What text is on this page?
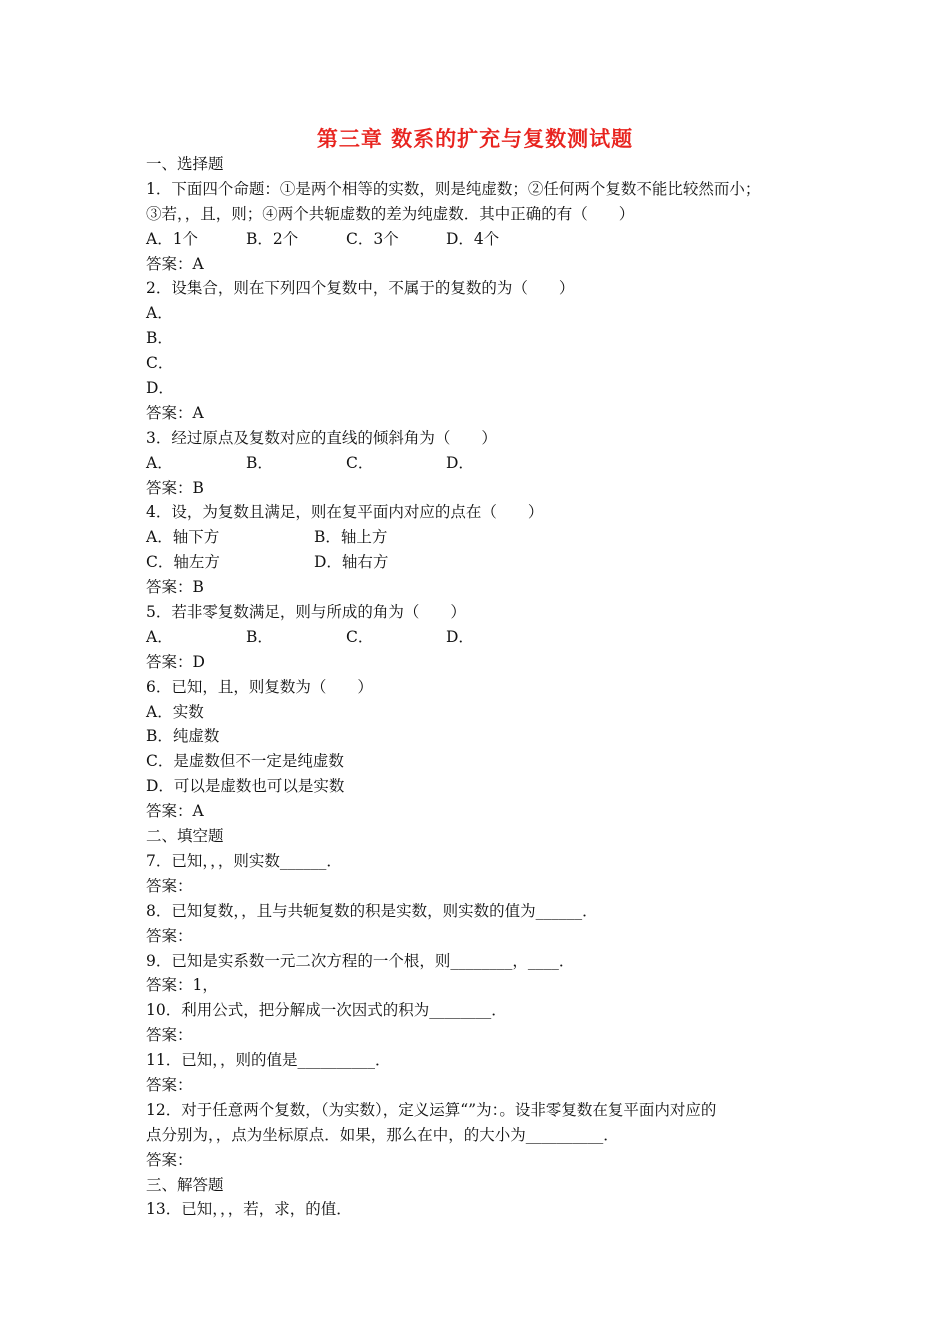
第三章 数系的扩充与复数测试题
一、选择题
1．下面四个命题：①是两个相等的实数，则是纯虚数；②任何两个复数不能比较然而小；
③若，，且，则；④两个共轭虚数的差为纯虚数．其中正确的有（　　）
A．1个	B．2个	C．3个	D．4个
答案：A
2．设集合，则在下列四个复数中，不属于的复数的为（　　）
A．
B．
C．
D．
答案：A
3．经过原点及复数对应的直线的倾斜角为（　　）
A．	B．	C．	D．
答案：B
4．设，为复数且满足，则在复平面内对应的点在（　　）
A．轴下方	B．轴上方
C．轴左方	D．轴右方
答案：B
5．若非零复数满足，则与所成的角为（　　）
A．	B．	C．	D．
答案：D
6．已知，且，则复数为（　　）
A．实数
B．纯虚数
C．是虚数但不一定是纯虚数
D．可以是虚数也可以是实数
答案：A
二、填空题
7．已知，，，则实数______．
答案：
8．已知复数，，且与共轭复数的积是实数，则实数的值为______．
答案：
9．已知是实系数一元二次方程的一个根，则________，____．
答案：1，
10．利用公式，把分解成一次因式的积为________．
答案：
11．已知，，则的值是__________．
答案：
12．对于任意两个复数，（为实数），定义运算“”为：。设非零复数在复平面内对应的
点分别为，，点为坐标原点．如果，那么在中，的大小为__________．
答案：
三、解答题
13．已知，，，若，求，的值．
